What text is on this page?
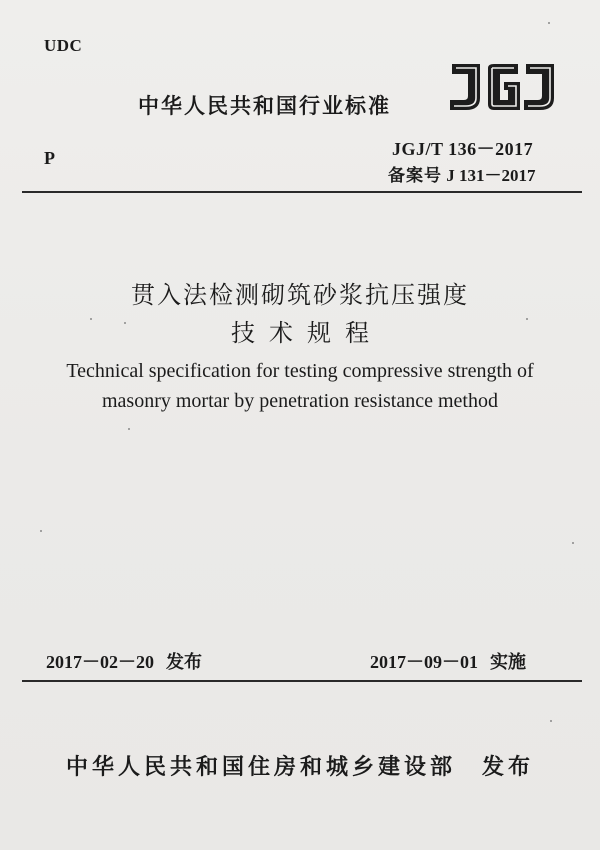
UDC
P
中华人民共和国行业标准
JGJ/T 136－2017
备案号 J 131－2017
贯入法检测砌筑砂浆抗压强度
技术规程
Technical specification for testing compressive strength of
masonry mortar by penetration resistance method
2017－02－20 发布	2017－09－01 实施
中华人民共和国住房和城乡建设部 发布
